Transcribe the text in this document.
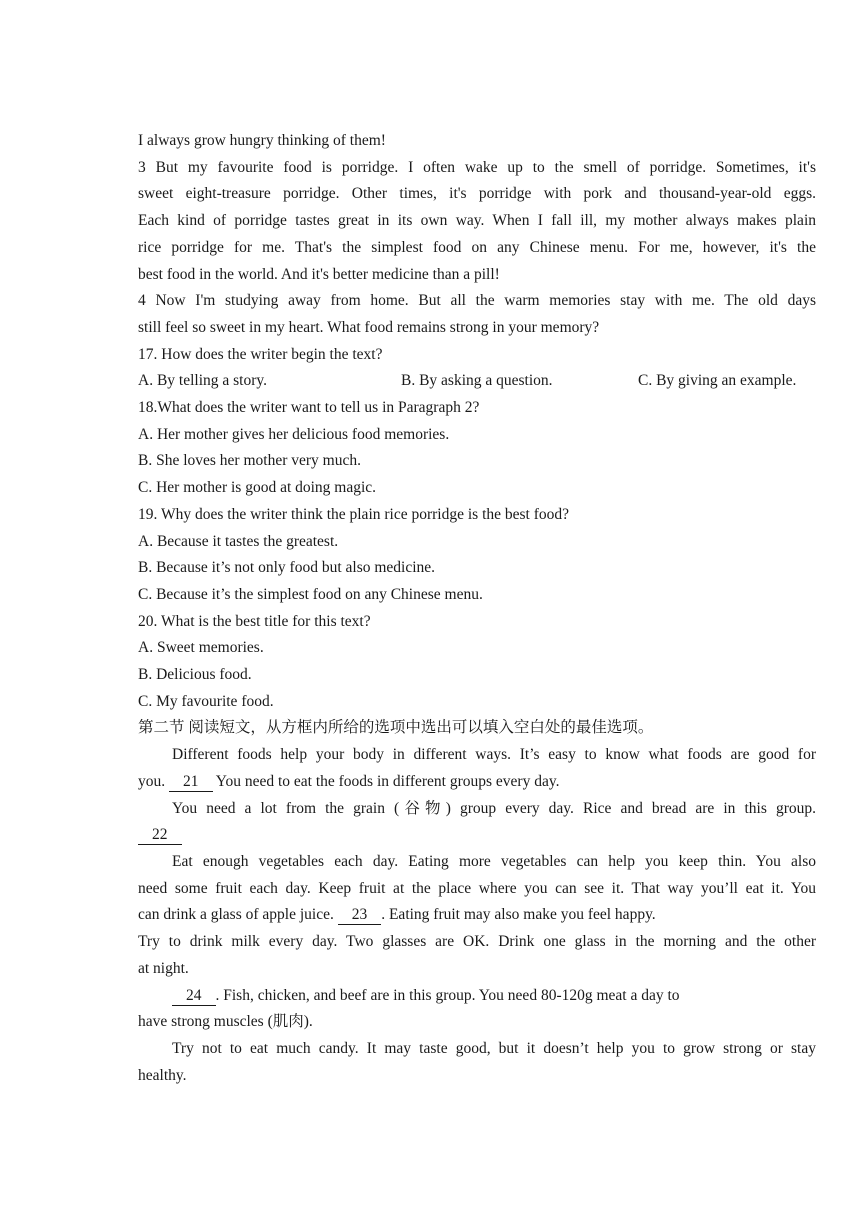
I always grow hungry thinking of them!
3 But my favourite food is porridge. I often wake up to the smell of porridge. Sometimes, it's
sweet eight-treasure porridge. Other times, it's porridge with pork and thousand-year-old eggs.
Each kind of porridge tastes great in its own way. When I fall ill, my mother always makes plain
rice porridge for me. That's the simplest food on any Chinese menu. For me, however, it's the
best food in the world. And it's better medicine than a pill!
4 Now I'm studying away from home. But all the warm memories stay with me. The old days
still feel so sweet in my heart. What food remains strong in your memory?
17. How does the writer begin the text?
A. By telling a story.	B. By asking a question.	C. By giving an example.
18.What does the writer want to tell us in Paragraph 2?
A. Her mother gives her delicious food memories.
B. She loves her mother very much.
C. Her mother is good at doing magic.
19. Why does the writer think the plain rice porridge is the best food?
A. Because it tastes the greatest.
B. Because it’s not only food but also medicine.
C. Because it’s the simplest food on any Chinese menu.
20. What is the best title for this text?
A. Sweet memories.
B. Delicious food.
C. My favourite food.
第二节 阅读短文，从方框内所给的选项中选出可以填入空白处的最佳选项。
Different foods help your body in different ways. It’s easy to know what foods are good for
you. 21 You need to eat the foods in different groups every day.
You need a lot from the grain (谷物) group every day. Rice and bread are in this group.
22
Eat enough vegetables each day. Eating more vegetables can help you keep thin. You also
need some fruit each day. Keep fruit at the place where you can see it. That way you’ll eat it. You
can drink a glass of apple juice. 23 . Eating fruit may also make you feel happy.
Try to drink milk every day. Two glasses are OK. Drink one glass in the morning and the other
at night.
24 . Fish, chicken, and beef are in this group. You need 80-120g meat a day to
have strong muscles (肌肉).
Try not to eat much candy. It may taste good, but it doesn’t help you to grow strong or stay
healthy.
